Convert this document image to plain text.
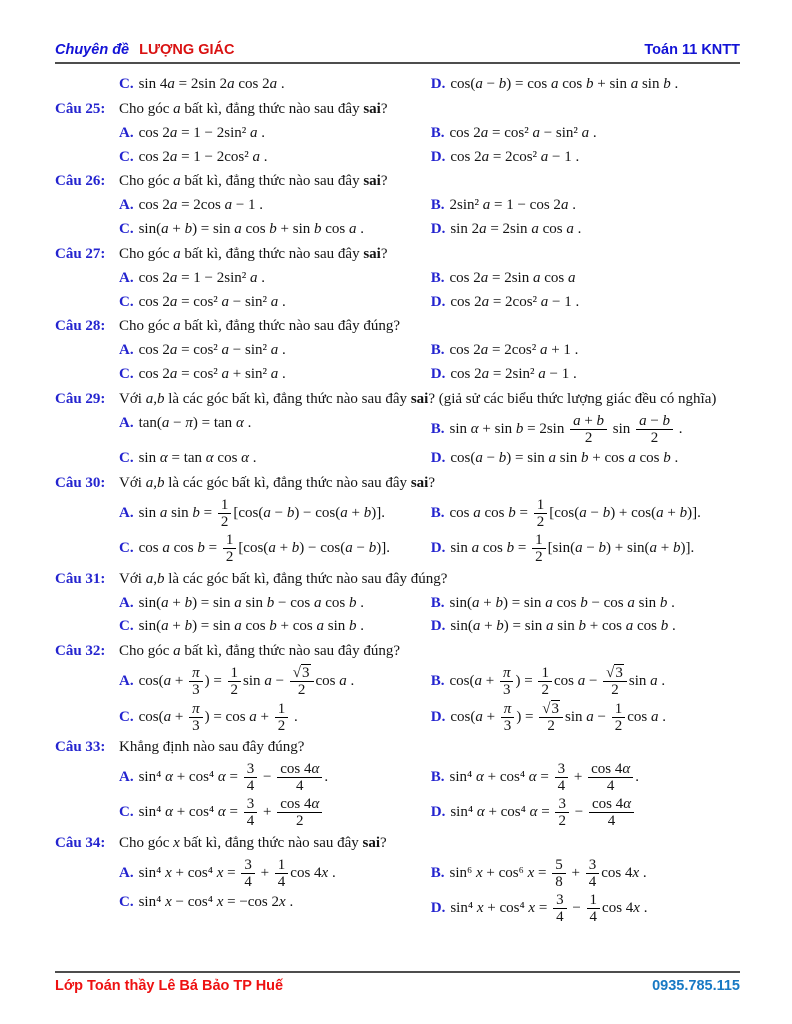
Chuyên đề LƯỢNG GIÁC	Toán 11 KNTT
C. sin 4a = 2sin 2a cos 2a .	D. cos(a − b) = cos a cos b + sin a sin b .
Câu 25: Cho góc a bất kì, đẳng thức nào sau đây sai?
A. cos 2a = 1 − 2sin² a .	B. cos 2a = cos² a − sin² a .
C. cos 2a = 1 − 2cos² a .	D. cos 2a = 2cos² a − 1 .
Câu 26: Cho góc a bất kì, đẳng thức nào sau đây sai?
A. cos 2a = 2cos a − 1 .	B. 2sin² a = 1 − cos 2a .
C. sin(a + b) = sin a cos b + sin b cos a .	D. sin 2a = 2sin a cos a .
Câu 27: Cho góc a bất kì, đẳng thức nào sau đây sai?
A. cos 2a = 1 − 2sin² a .	B. cos 2a = 2sin a cos a
C. cos 2a = cos² a − sin² a .	D. cos 2a = 2cos² a − 1 .
Câu 28: Cho góc a bất kì, đẳng thức nào sau đây đúng?
A. cos 2a = cos² a − sin² a .	B. cos 2a = 2cos² a + 1 .
C. cos 2a = cos² a + sin² a .	D. cos 2a = 2sin² a − 1 .
Câu 29: Với a,b là các góc bất kì, đẳng thức nào sau đây sai? (giả sử các biểu thức lượng giác đều có nghĩa)
A. tan(a − π) = tan α .	B. $\sin \alpha + \sin b = 2\sin \frac{a + b}{2}$ $\sin \frac{a - b}{2}$ .
C. sin α = tan α cos α .	D. cos(a − b) = sin a sin b + cos a cos b .
Câu 30: Với a,b là các góc bất kì, đẳng thức nào sau đây sai?
A. sin a $\sin b = \frac{1}{2} [\cos(a - b) - \cos(a + b)]$.	B. cos a $\cos b = \frac{1}{2} [\cos(a - b) + \cos(a + b)]$.
C. cos a $\cos b = \frac{1}{2} [\cos(a + b) - \cos(a - b)]$.	D. sin a $\cos b = \frac{1}{2} [\sin(a - b) + \sin(a + b)]$.
Câu 31: Với a,b là các góc bất kì, đẳng thức nào sau đây đúng?
A. sin(a + b) = sin a sin b − cos a cos b .	B. sin(a + b) = sin a cos b − cos a sin b .
C. sin(a + b) = sin a cos b + cos a sin b .	D. sin(a + b) = sin a sin b + cos a cos b .
Câu 32: Cho góc a bất kì, đẳng thức nào sau đây đúng?
A. $\cos(a + \frac{\pi}{3}$ ) = $\frac{1}{2}$ $\sin a - \frac{√3}{2}$ cos a .	B. $\cos(a + \frac{\pi}{3}$ ) = $\frac{1}{2}$ $\cos a - \frac{√3}{2}$ sin a .
C. $\cos(a + \frac{\pi}{3}$ ) = $\cos a + \frac{1}{2}$ .	D. $\cos(a + \frac{\pi}{3}$ ) = $\frac{√3}{2}$ $\sin a - \frac{1}{2}$ cos a .
Câu 33: Khẳng định nào sau đây đúng?
A. sin⁴ α + cos⁴ $\alpha = \frac{3}{4} - \frac{\cos 4\alpha}{4}$ .	B. sin⁴ α + cos⁴ $\alpha = \frac{3}{4} + \frac{\cos 4\alpha}{4}$ .
C. sin⁴ α + cos⁴ $\alpha = \frac{3}{4} + \frac{\cos 4\alpha}{2}$	D. sin⁴ α + cos⁴ $\alpha = \frac{3}{2} - \frac{\cos 4\alpha}{4}$
Câu 34: Cho góc x bất kì, đẳng thức nào sau đây sai?
A. sin⁴ x + cos⁴ $x = \frac{3}{4} + \frac{1}{4}$ cos 4x .	B. sin⁶ x + cos⁶ $x = \frac{5}{8} + \frac{3}{4}$ cos 4x .
C. sin⁴ x − cos⁴ x = −cos 2x .	D. sin⁴ x + cos⁴ $x = \frac{3}{4} - \frac{1}{4}$ cos 4x .
Lớp Toán thầy Lê Bá Bảo TP Huế	0935.785.115
